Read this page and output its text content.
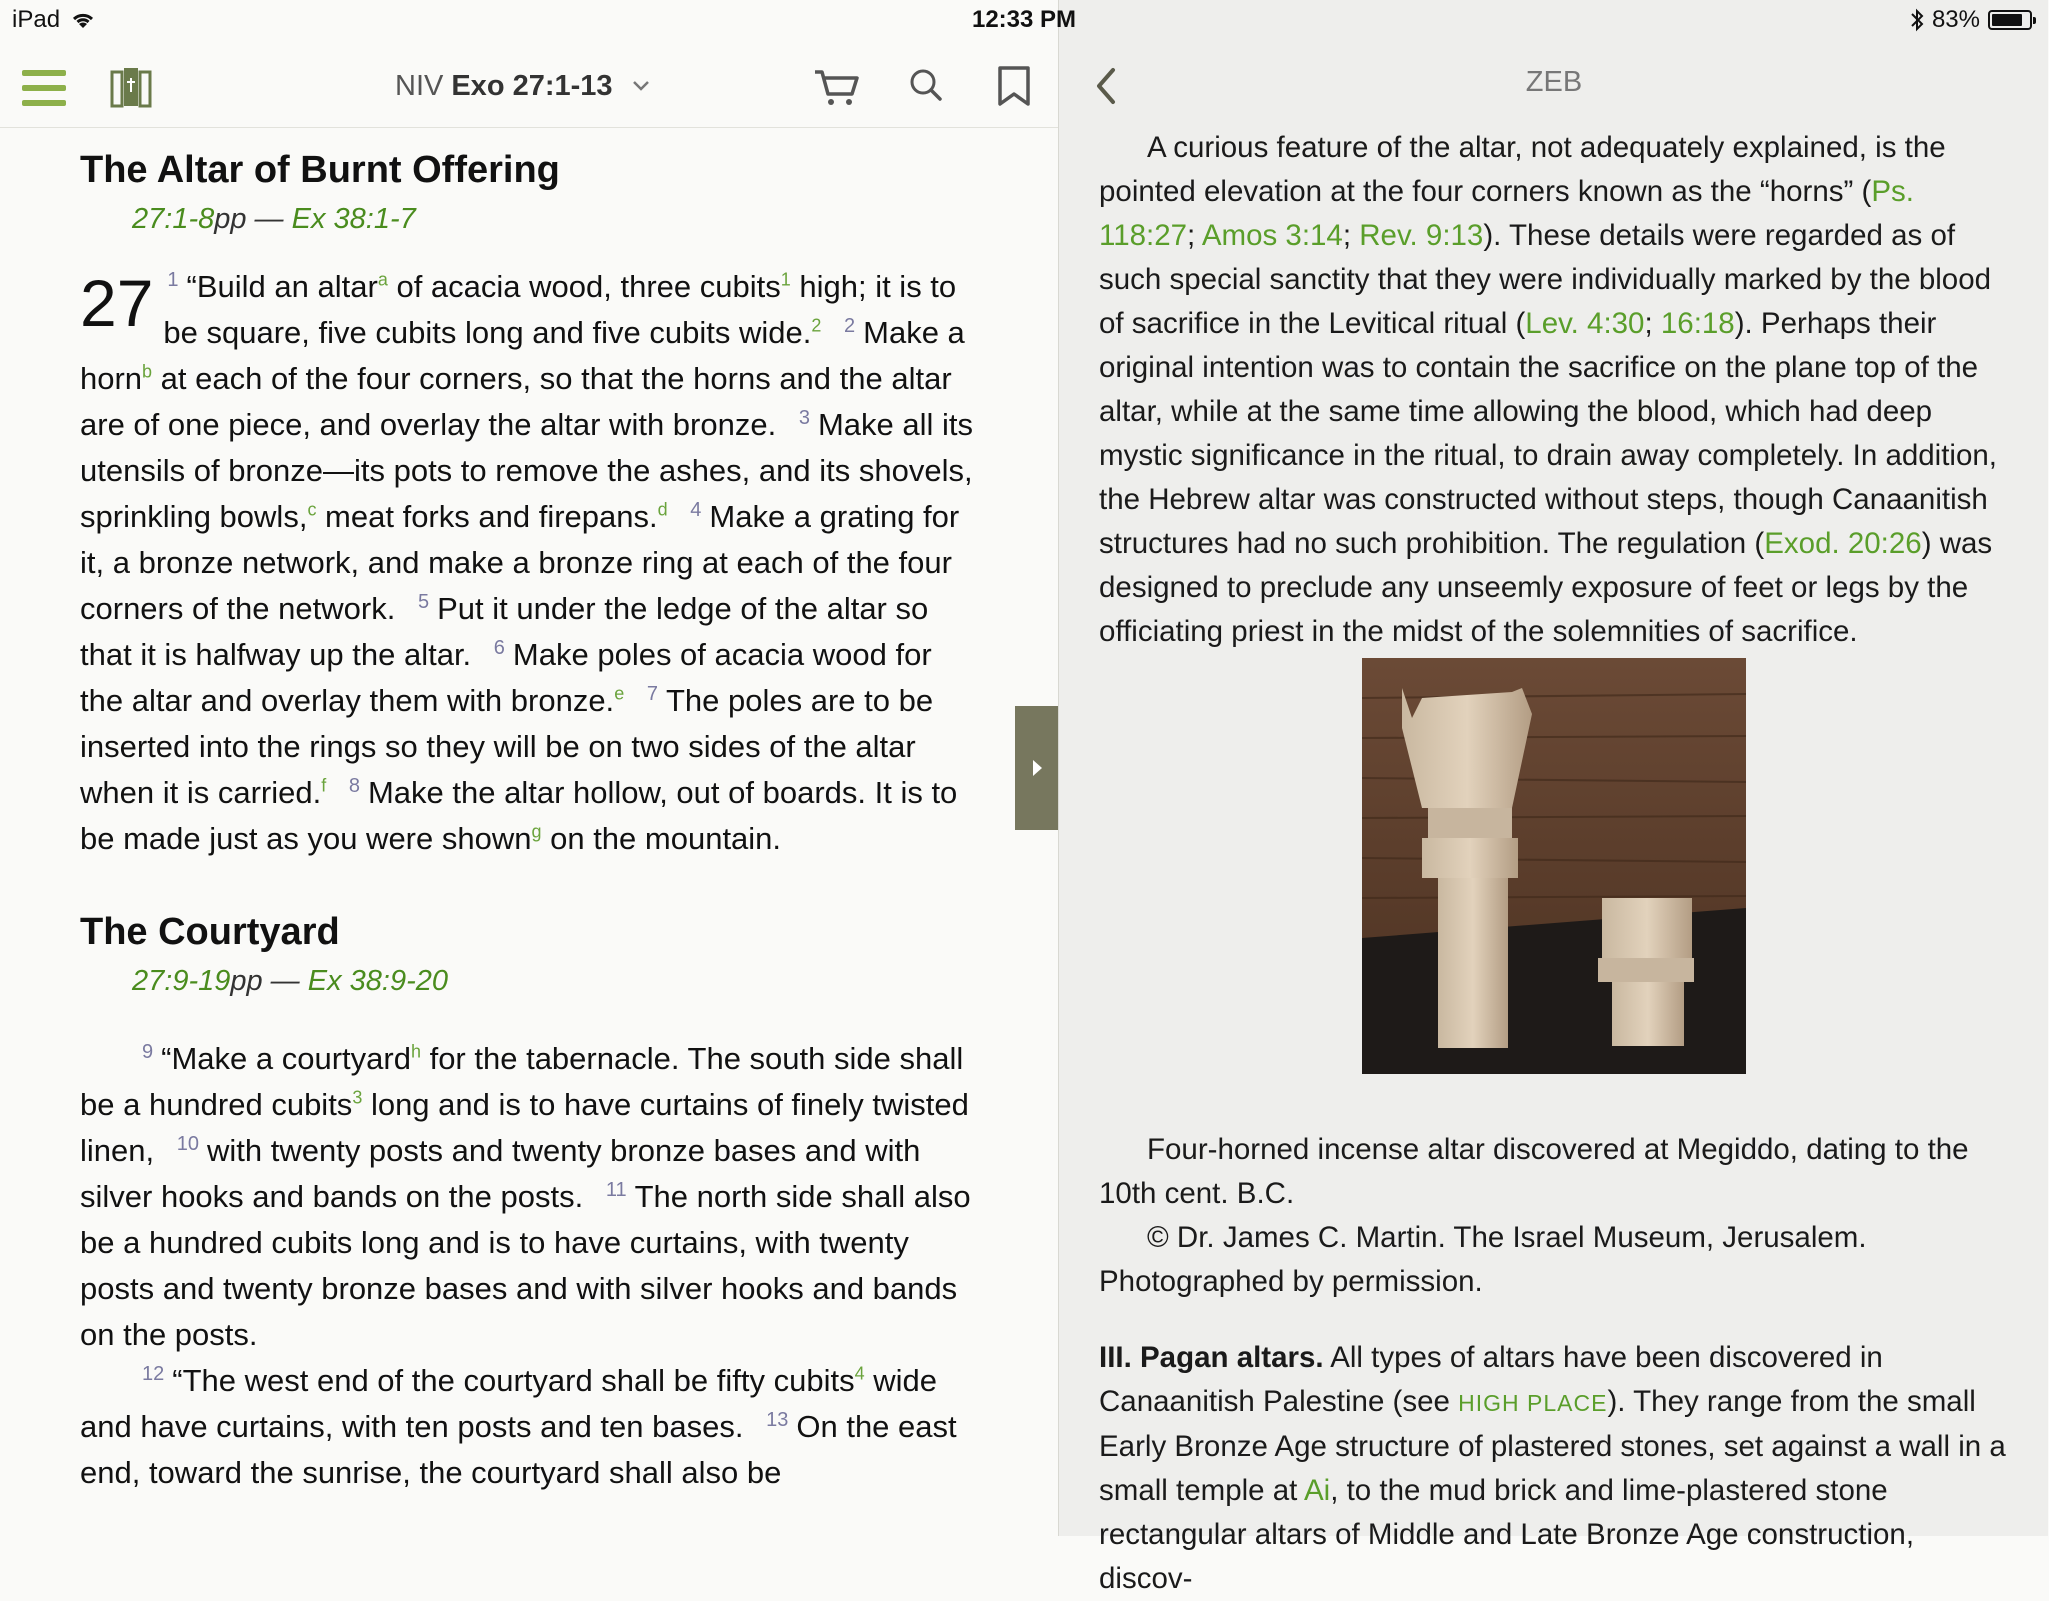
iPad	12:33 PM	83%
NIV Exo 27:1-13
The Altar of Burnt Offering
27:1-8pp — Ex 38:1-7

27 $^1$ “Build an altar$^a$ of acacia wood, three cubits$^1$ high; it is to be square, five cubits long and five cubits wide.$^2$ $^2$ Make a horn$^b$ at each of the four corners, so that the horns and the altar are of one piece, and overlay the altar with bronze. $^3$ Make all its utensils of bronze—its pots to remove the ashes, and its shovels, sprinkling bowls,$^c$ meat forks and firepans.$^d$ $^4$ Make a grating for it, a bronze network, and make a bronze ring at each of the four corners of the network. $^5$ Put it under the ledge of the altar so that it is halfway up the altar. $^6$ Make poles of acacia wood for the altar and overlay them with bronze.$^e$ $^7$ The poles are to be inserted into the rings so they will be on two sides of the altar when it is carried.$^f$ $^8$ Make the altar hollow, out of boards. It is to be made just as you were shown$^g$ on the mountain.

The Courtyard
27:9-19pp — Ex 38:9-20

$^9$ “Make a courtyard$^h$ for the tabernacle. The south side shall be a hundred cubits$^3$ long and is to have curtains of finely twisted linen, $^{10}$ with twenty posts and twenty bronze bases and with silver hooks and bands on the posts. $^{11}$ The north side shall also be a hundred cubits long and is to have curtains, with twenty posts and twenty bronze bases and with silver hooks and bands on the posts.

$^{12}$ “The west end of the courtyard shall be fifty cubits$^4$ wide and have curtains, with ten posts and ten bases. $^{13}$ On the east end, toward the sunrise, the courtyard shall also be

ZEB

A curious feature of the altar, not adequately explained, is the pointed elevation at the four corners known as the “horns” (Ps. 118:27; Amos 3:14; Rev. 9:13). These details were regarded as of such special sanctity that they were individually marked by the blood of sacrifice in the Levitical ritual (Lev. 4:30; 16:18). Perhaps their original intention was to contain the sacrifice on the plane top of the altar, while at the same time allowing the blood, which had deep mystic significance in the ritual, to drain away completely. In addition, the Hebrew altar was constructed without steps, though Canaanitish structures had no such prohibition. The regulation (Exod. 20:26) was designed to preclude any unseemly exposure of feet or legs by the officiating priest in the midst of the solemnities of sacrifice.

Four-horned incense altar discovered at Megiddo, dating to the 10th cent. B.C.

© Dr. James C. Martin. The Israel Museum, Jerusalem. Photographed by permission.

III. Pagan altars. All types of altars have been discovered in Canaanitish Palestine (see HIGH PLACE). They range from the small Early Bronze Age structure of plastered stones, set against a wall in a small temple at Ai, to the mud brick and lime-plastered stone rectangular altars of Middle and Late Bronze Age construction, discov-
